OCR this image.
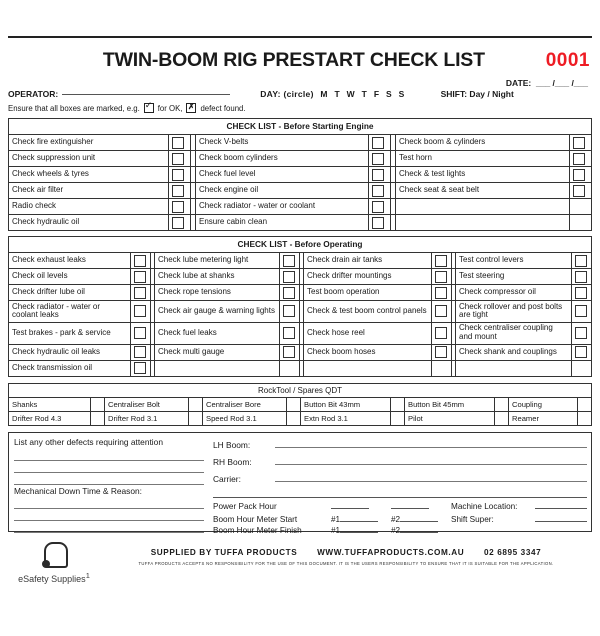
TWIN-BOOM RIG PRESTART CHECK LIST	0001
DATE:  ___ /___ /___
OPERATOR:	DAY: (circle) M T W T F S S	SHIFT: Day / Night
Ensure that all boxes are marked, e.g. ✓ for OK, ✗ defect found.
CHECK LIST - Before Starting Engine							
Check fire extinguisher			Check V-belts			Check boom & cylinders	
Check suppression unit			Check boom cylinders			Test horn	
Check wheels & tyres			Check fuel level			Check & test lights	
Check air filter			Check engine oil			Check seat & seat belt	
Radio check			Check radiator - water or coolant				
Check hydraulic oil			Ensure cabin clean				
CHECK LIST - Before Operating										
Check exhaust leaks			Check lube metering light			Check drain air tanks			Test control levers	
Check oil levels			Check lube at shanks			Check drifter mountings			Test steering	
Check drifter lube oil			Check rope tensions			Test boom operation			Check compressor oil	
Check radiator - water or coolant leaks			Check air gauge & warning lights			Check & test boom control panels			Check rollover and post bolts are tight	
Test brakes - park & service			Check fuel leaks			Check hose reel			Check centraliser coupling and mount	
Check hydraulic oil leaks			Check multi gauge			Check boom hoses			Check shank and couplings	
Check transmission oil										
RockTool / Spares QDT											
Shanks		Centraliser Bolt		Centraliser Bore		Button Bit 43mm		Button Bit 45mm		Coupling	
Drifter Rod 4.3		Drifter Rod 3.1		Speed Rod 3.1		Extn Rod 3.1		Pilot		Reamer	
List any other defects requiring attention
Mechanical Down Time & Reason:
LH Boom:
RH Boom:
Carrier:
Power Pack Hour	Machine Location:
Boom Hour Meter Start	#1	#2	Shift Super:
Boom Hour Meter Finish	#1	#2
eSafety Supplies$^1$
SUPPLIED BY TUFFA PRODUCTS WWW.TUFFAPRODUCTS.COM.AU 02 6895 3347
TUFFA PRODUCTS ACCEPTS NO RESPONSIBILITY FOR THE USE OF THIS DOCUMENT. IT IS THE USERS RESPONSIBILITY TO ENSURE THAT IT IS SUITABLE FOR THE APPLICATION.
